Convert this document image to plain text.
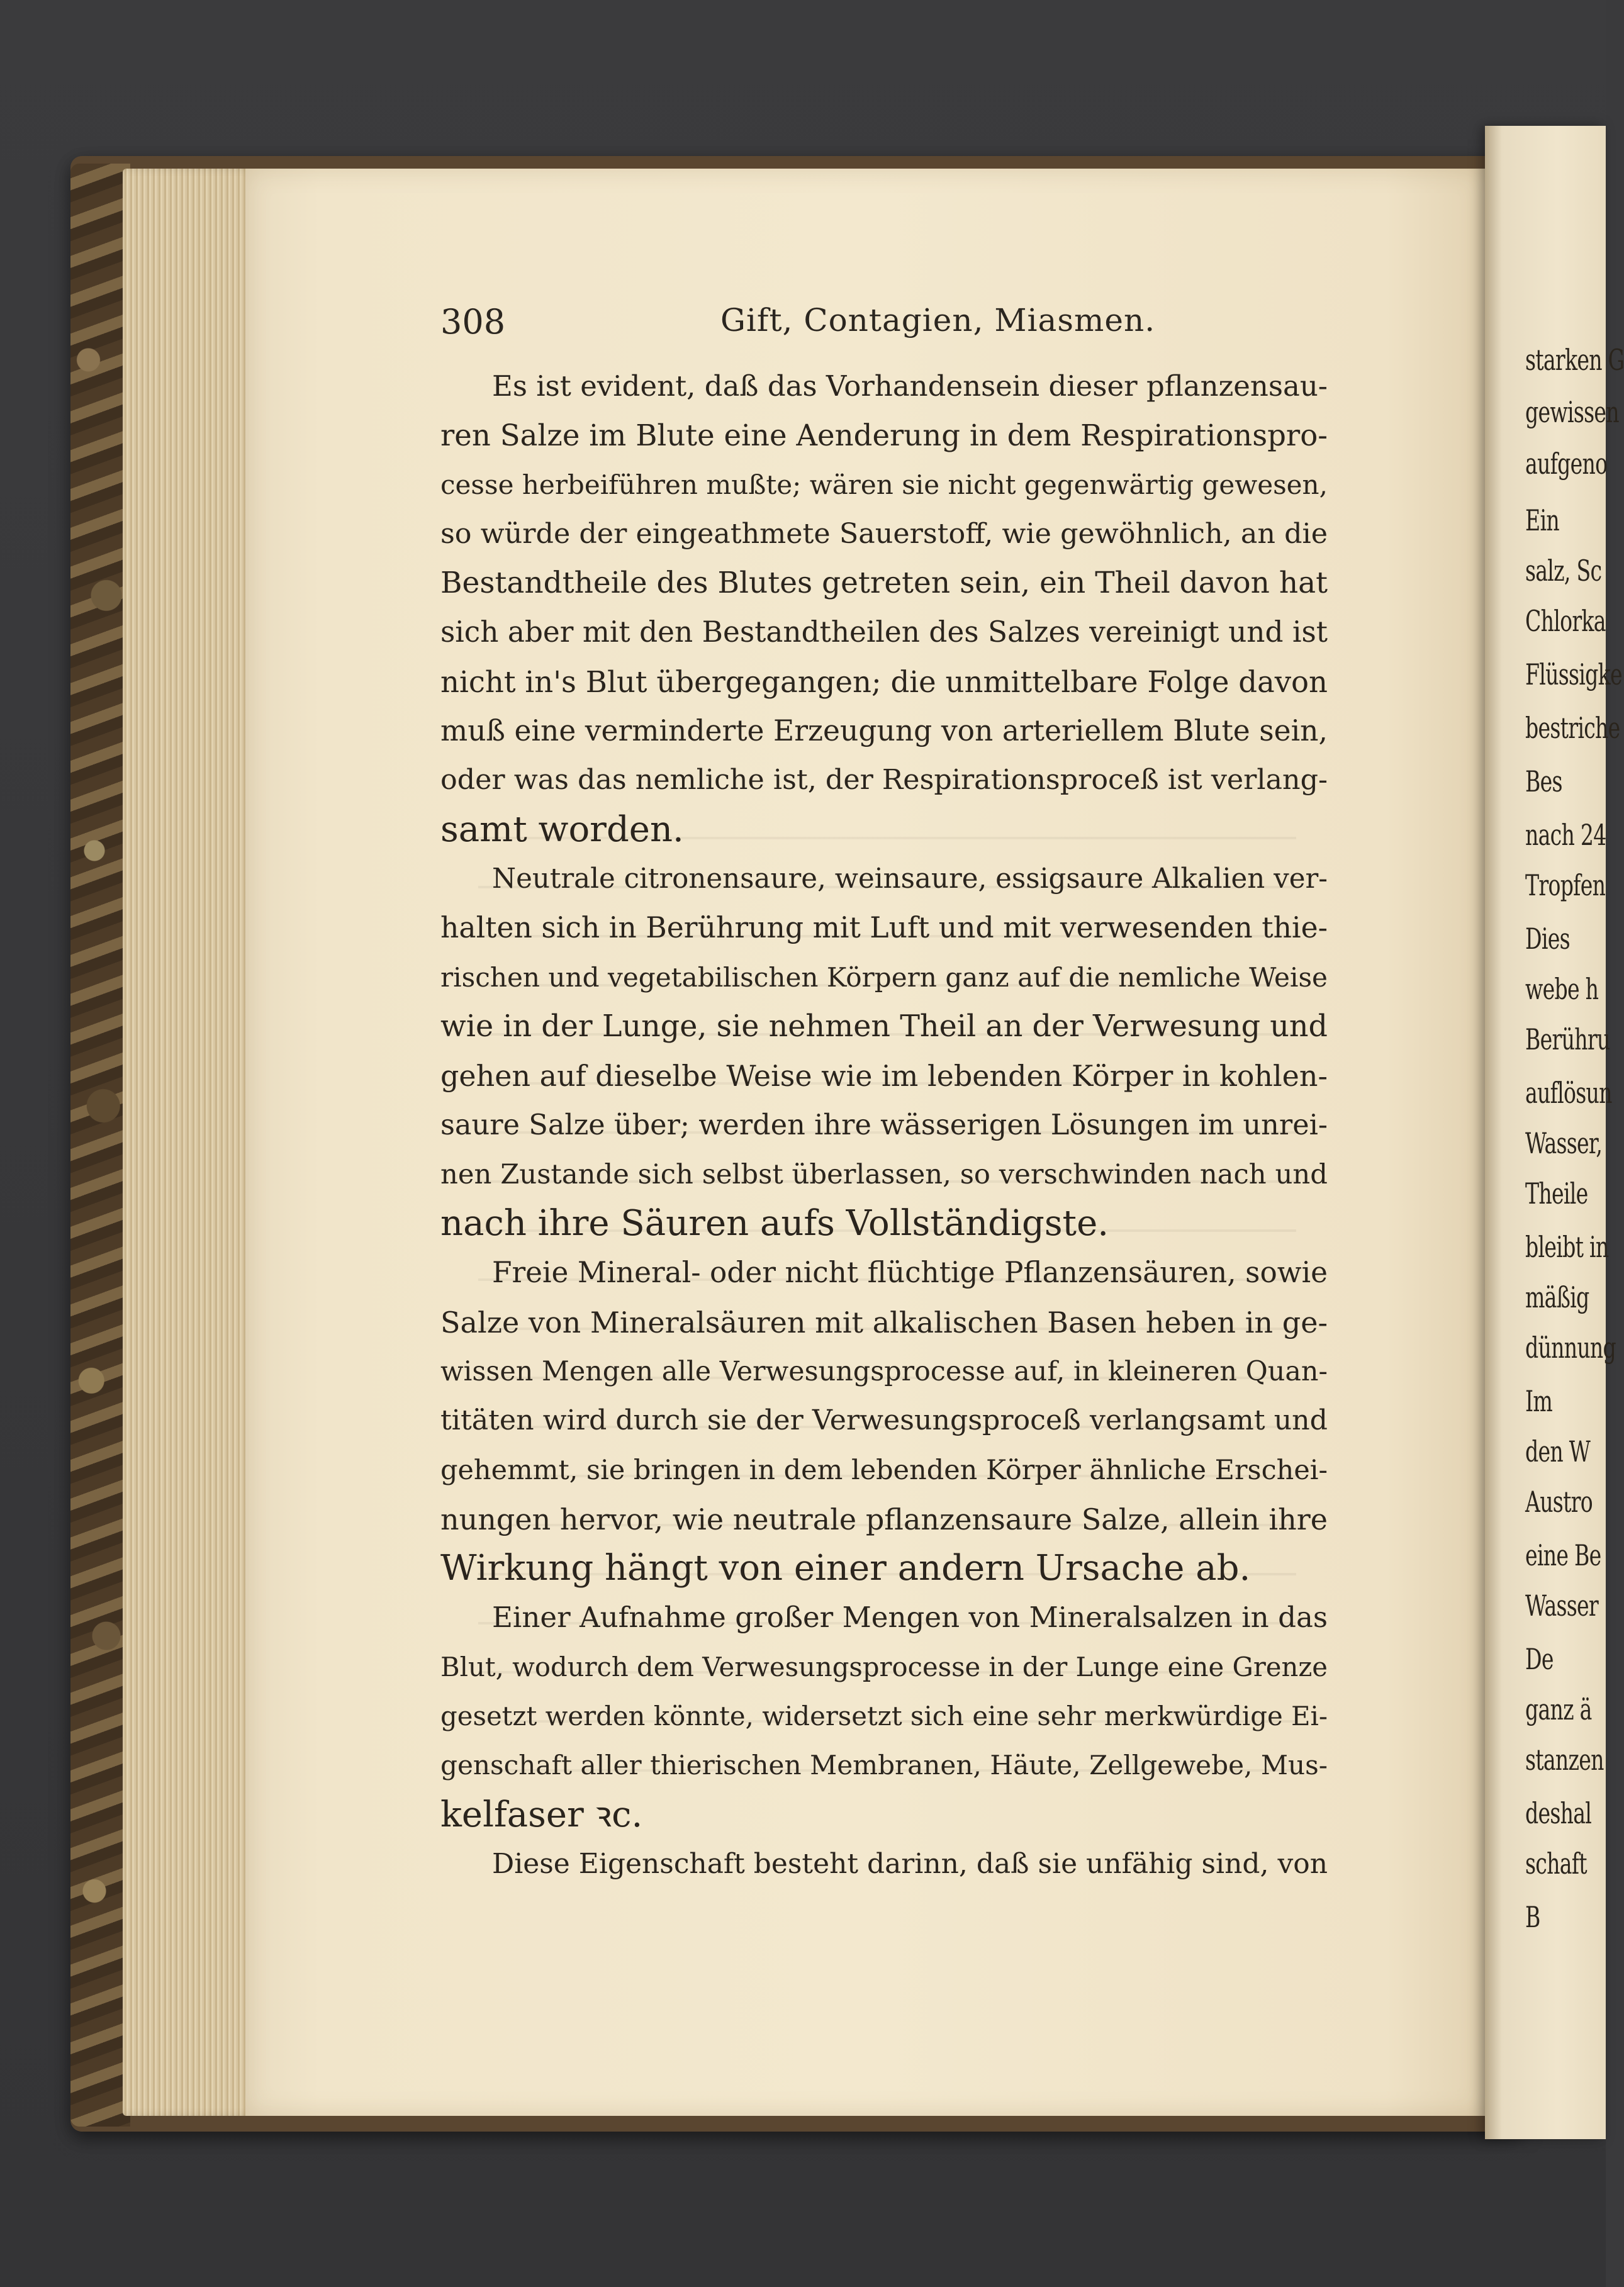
308	Gift, Contagien, Miasmen.
Es ist evident, daß das Vorhandensein dieser pflanzensau-
ren Salze im Blute eine Aenderung in dem Respirationspro-
cesse herbeiführen mußte; wären sie nicht gegenwärtig gewesen,
so würde der eingeathmete Sauerstoff, wie gewöhnlich, an die
Bestandtheile des Blutes getreten sein, ein Theil davon hat
sich aber mit den Bestandtheilen des Salzes vereinigt und ist
nicht in's Blut übergegangen; die unmittelbare Folge davon
muß eine verminderte Erzeugung von arteriellem Blute sein,
oder was das nemliche ist, der Respirationsproceß ist verlang-
samt worden.
Neutrale citronensaure, weinsaure, essigsaure Alkalien ver-
halten sich in Berührung mit Luft und mit verwesenden thie-
rischen und vegetabilischen Körpern ganz auf die nemliche Weise
wie in der Lunge, sie nehmen Theil an der Verwesung und
gehen auf dieselbe Weise wie im lebenden Körper in kohlen-
saure Salze über; werden ihre wässerigen Lösungen im unrei-
nen Zustande sich selbst überlassen, so verschwinden nach und
nach ihre Säuren aufs Vollständigste.
Freie Mineral- oder nicht flüchtige Pflanzensäuren, sowie
Salze von Mineralsäuren mit alkalischen Basen heben in ge-
wissen Mengen alle Verwesungsprocesse auf, in kleineren Quan-
titäten wird durch sie der Verwesungsproceß verlangsamt und
gehemmt, sie bringen in dem lebenden Körper ähnliche Erschei-
nungen hervor, wie neutrale pflanzensaure Salze, allein ihre
Wirkung hängt von einer andern Ursache ab.
Einer Aufnahme großer Mengen von Mineralsalzen in das
Blut, wodurch dem Verwesungsprocesse in der Lunge eine Grenze
gesetzt werden könnte, widersetzt sich eine sehr merkwürdige Ei-
genschaft aller thierischen Membranen, Häute, Zellgewebe, Mus-
kelfaser ꝛc.
Diese Eigenschaft besteht darinn, daß sie unfähig sind, von
starken G
gewissen
aufgeno
Ein
salz, Sc
Chlorka
Flüssigke
bestriche
Bes
nach 24
Tropfen
Dies
webe h
Berühru
auflösun
Wasser,
Theile
bleibt in
mäßig
dünnung
Im
den W
Austro
eine Be
Wasser
De
ganz ä
stanzen
deshal
schaft
B
